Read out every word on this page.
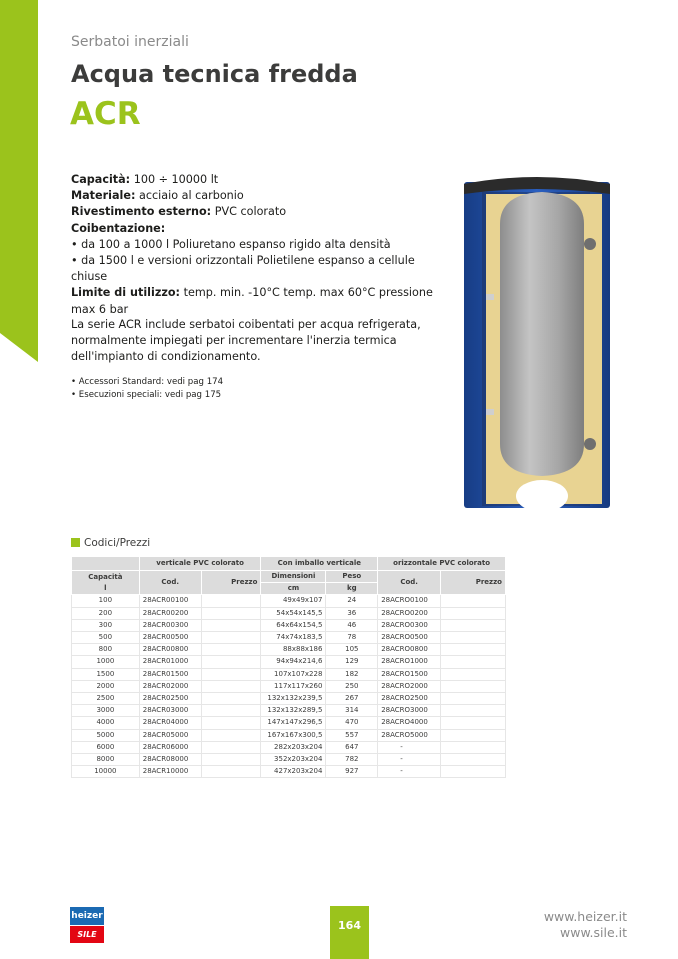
Serbatoi inerziali
Acqua tecnica fredda
ACR
Capacità: 100 ÷ 10000 lt
Materiale: acciaio al carbonio
Rivestimento esterno: PVC colorato
Coibentazione:
• da 100 a 1000 l Poliuretano espanso rigido alta densità
• da 1500 l e versioni orizzontali Polietilene espanso a cellule chiuse
Limite di utilizzo: temp. min. -10°C temp. max 60°C pressione max 6 bar
La serie ACR include serbatoi coibentati per acqua refrigerata, normalmente impiegati per incrementare l'inerzia termica dell'impianto di condizionamento.
• Accessori Standard: vedi pag 174
• Esecuzioni speciali: vedi pag 175
Codici/Prezzi
	verticale PVC colorato		Con imballo verticale		orizzontale PVC colorato	
Capacità
l	Cod.	Prezzo	Dimensioni	Peso	Cod.	Prezzo
			cm	kg		
100	28ACR00100		49x49x107	24	28ACRO0100	
200	28ACR00200		54x54x145,5	36	28ACRO0200	
300	28ACR00300		64x64x154,5	46	28ACRO0300	
500	28ACR00500		74x74x183,5	78	28ACRO0500	
800	28ACR00800		88x88x186	105	28ACRO0800	
1000	28ACR01000		94x94x214,6	129	28ACRO1000	
1500	28ACR01500		107x107x228	182	28ACRO1500	
2000	28ACR02000		117x117x260	250	28ACRO2000	
2500	28ACR02500		132x132x239,5	267	28ACRO2500	
3000	28ACR03000		132x132x289,5	314	28ACRO3000	
4000	28ACR04000		147x147x296,5	470	28ACRO4000	
5000	28ACR05000		167x167x300,5	557	28ACRO5000	
6000	28ACR06000		282x203x204	647	-	
8000	28ACR08000		352x203x204	782	-	
10000	28ACR10000		427x203x204	927	-	
heizer
SILE
164
www.heizer.it
www.sile.it
